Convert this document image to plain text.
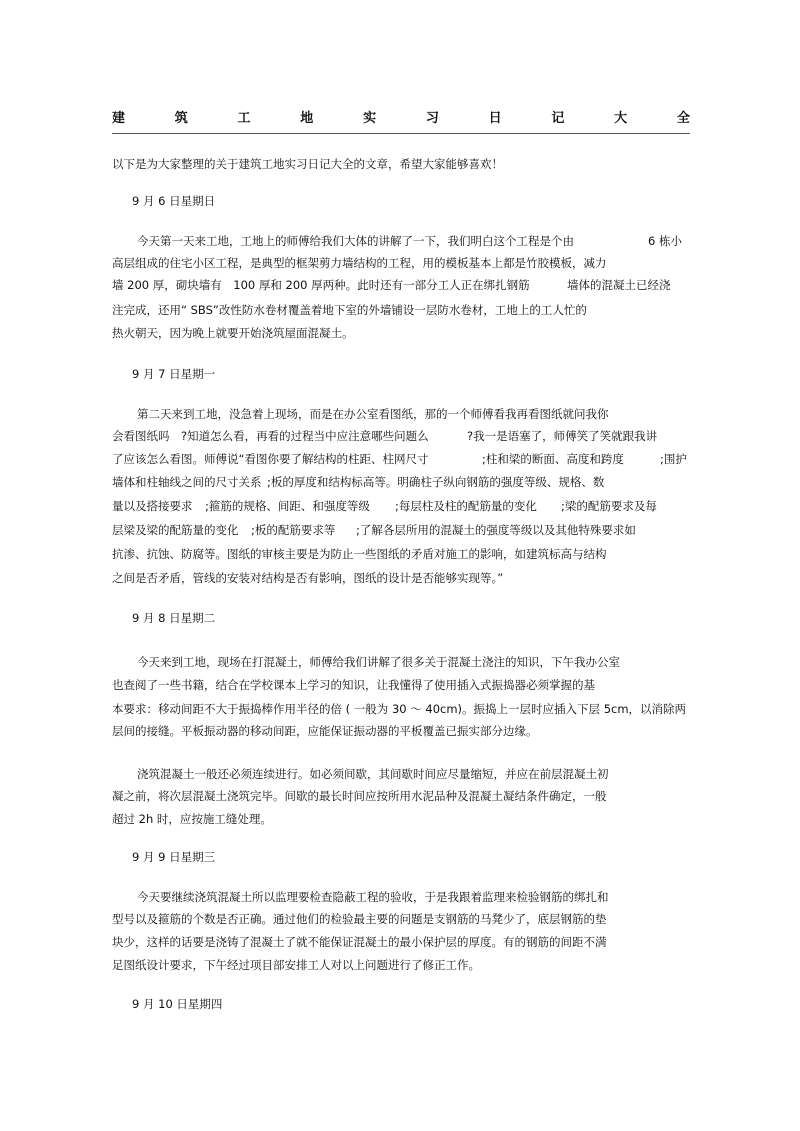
建	筑	工	地	实	习	日	记	大	全
以下是为大家整理的关于建筑工地实习日记大全的文章，希望大家能够喜欢！
9 月 6 日星期日
今天第一天来工地，工地上的师傅给我们大体的讲解了一下，我们明白这个工程是个由	6 栋小
高层组成的住宅小区工程，是典型的框架剪力墙结构的工程，用的模板基本上都是竹胶模板，减力
墙 200 厚，砌块墙有　100 厚和 200 厚两种。此时还有一部分工人正在绑扎钢筋	墙体的混凝土已经浇
注完成，还用“ SBS”改性防水卷材覆盖着地下室的外墙铺设一层防水卷材，工地上的工人忙的
热火朝天，因为晚上就要开始浇筑屋面混凝土。
9 月 7 日星期一
第二天来到工地，没急着上现场，而是在办公室看图纸，那的一个师傅看我再看图纸就问我你
会看图纸吗　?知道怎么看，再看的过程当中应注意哪些问题么	?我一是语塞了，师傅笑了笑就跟我讲
了应该怎么看图。师傅说“看图你要了解结构的柱距、柱网尺寸	;柱和梁的断面、高度和跨度	;围护
墙体和柱轴线之间的尺寸关系 ;板的厚度和结构标高等。明确柱子纵向钢筋的强度等级、规格、数
量以及搭接要求 ;箍筋的规格、间距、和强度等级 ;每层柱及柱的配筋量的变化 ;梁的配筋要求及每
层梁及梁的配筋量的变化 ;板的配筋要求等 ;了解各层所用的混凝土的强度等级以及其他特殊要求如
抗渗、抗蚀、防腐等。图纸的审核主要是为防止一些图纸的矛盾对施工的影响，如建筑标高与结构
之间是否矛盾，管线的安装对结构是否有影响，图纸的设计是否能够实现等。”
9 月 8 日星期二
今天来到工地，现场在打混凝土，师傅给我们讲解了很多关于混凝土浇注的知识，下午我办公室
也查阅了一些书籍，结合在学校课本上学习的知识，让我懂得了使用插入式振捣器必须掌握的基
本要求：移动间距不大于振捣棒作用半径的倍 ( 一般为 30 ～ 40cm)。振捣上一层时应插入下层 5cm，以消除两
层间的接缝。平板振动器的移动间距，应能保证振动器的平板覆盖已振实部分边缘。
浇筑混凝土一般还必须连续进行。如必须间歇，其间歇时间应尽量缩短，并应在前层混凝土初
凝之前，将次层混凝土浇筑完毕。间歇的最长时间应按所用水泥品种及混凝土凝结条件确定，一般
超过 2h 时，应按施工缝处理。
9 月 9 日星期三
今天要继续浇筑混凝土所以监理要检查隐蔽工程的验收，于是我跟着监理来检验钢筋的绑扎和
型号以及箍筋的个数是否正确。通过他们的检验最主要的问题是支钢筋的马凳少了，底层钢筋的垫
块少，这样的话要是浇铸了混凝土了就不能保证混凝土的最小保护层的厚度。有的钢筋的间距不满
足图纸设计要求，下午经过项目部安排工人对以上问题进行了修正工作。
9 月 10 日星期四
